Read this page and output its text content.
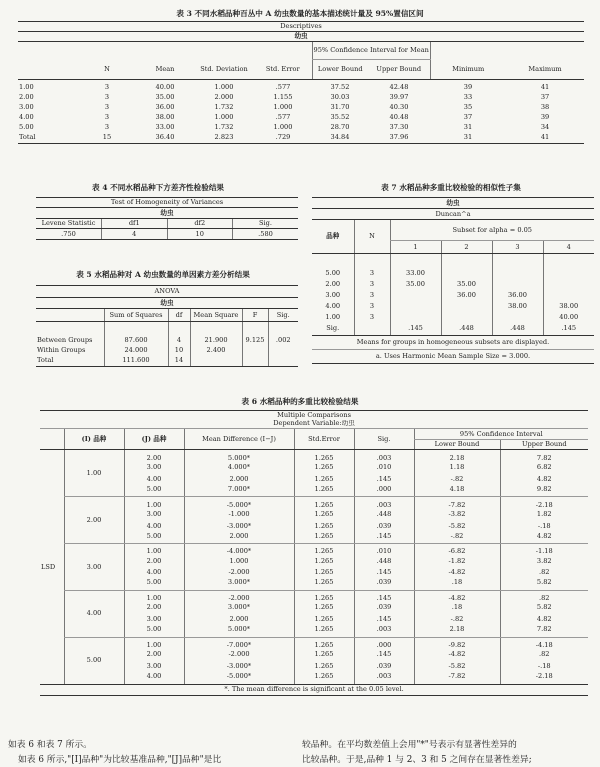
表 3 不同水稻品种百丛中 A 幼虫数量的基本描述统计量及 95%置信区间
Descriptives								
幼虫								
					95% Confidence Interval for Mean			
	N	Mean	Std. Deviation	Std. Error	Lower Bound	Upper Bound	Minimum	Maximum

1.00	3	40.00	1.000	.577	37.52	42.48	39	41
2.00	3	35.00	2.000	1.155	30.03	39.97	33	37
3.00	3	36.00	1.732	1.000	31.70	40.30	35	38
4.00	3	38.00	1.000	.577	35.52	40.48	37	39
5.00	3	33.00	1.732	1.000	28.70	37.30	31	34
Total	15	36.40	2.823	.729	34.84	37.96	31	41
表 4 不同水稻品种下方差齐性检验结果
Test of Homogeneity of Variances			
幼虫			
Levene Statistic	df1	df2	Sig.
.750	4	10	.580
表 5 水稻品种对 A 幼虫数量的单因素方差分析结果
ANOVA					
幼虫					
	Sum of Squares	df	Mean Square	F	Sig.

Between Groups	87.600	4	21.900	9.125	.002
Within Groups	24.000	10	2.400		
Total	111.600	14			
表 7 水稻品种多重比较检验的相似性子集
幼虫					
Duncan^a					
品种	N	Subset for alpha = 0.05			
		1	2	3	4

5.00	3	33.00			
2.00	3	35.00	35.00		
3.00	3		36.00	36.00	
4.00	3			38.00	38.00
1.00	3				40.00
Sig.		.145	.448	.448	.145
Means for groups in homogeneous subsets are displayed.					
a. Uses Harmonic Mean Sample Size = 3.000.					
表 6 水稻品种的多重比较检验结果
Multiple Comparisons							
Dependent Variable:幼虫							
	(I) 品种	(J) 品种	Mean Difference (I−J)	Std.Error	Sig.	95% Confidence Interval	
						Lower Bound	Upper Bound
LSD	1.00	2.00	5.000*	1.265	.003	2.18	7.82
		3.00	4.000*	1.265	.010	1.18	6.82
		4.00	2.000	1.265	.145	-.82	4.82
		5.00	7.000*	1.265	.000	4.18	9.82
	2.00	1.00	-5.000*	1.265	.003	-7.82	-2.18
		3.00	-1.000	1.265	.448	-3.82	1.82
		4.00	-3.000*	1.265	.039	-5.82	-.18
		5.00	2.000	1.265	.145	-.82	4.82
	3.00	1.00	-4.000*	1.265	.010	-6.82	-1.18
		2.00	1.000	1.265	.448	-1.82	3.82
		4.00	-2.000	1.265	.145	-4.82	.82
		5.00	3.000*	1.265	.039	.18	5.82
	4.00	1.00	-2.000	1.265	.145	-4.82	.82
		2.00	3.000*	1.265	.039	.18	5.82
		3.00	2.000	1.265	.145	-.82	4.82
		5.00	5.000*	1.265	.003	2.18	7.82
	5.00	1.00	-7.000*	1.265	.000	-9.82	-4.18
		2.00	-2.000	1.265	.145	-4.82	.82
		3.00	-3.000*	1.265	.039	-5.82	-.18
		4.00	-5.000*	1.265	.003	-7.82	-2.18
*. The mean difference is significant at the 0.05 level.
如表 6 和表 7 所示。
如表 6 所示,"[I]品种"为比较基准品种,"[J]品种"是比
较品种。在平均数差值上会用"*"号表示有显著性差异的
比较品种。于是,品种 1 与 2、3 和 5 之间存在显著性差异;
